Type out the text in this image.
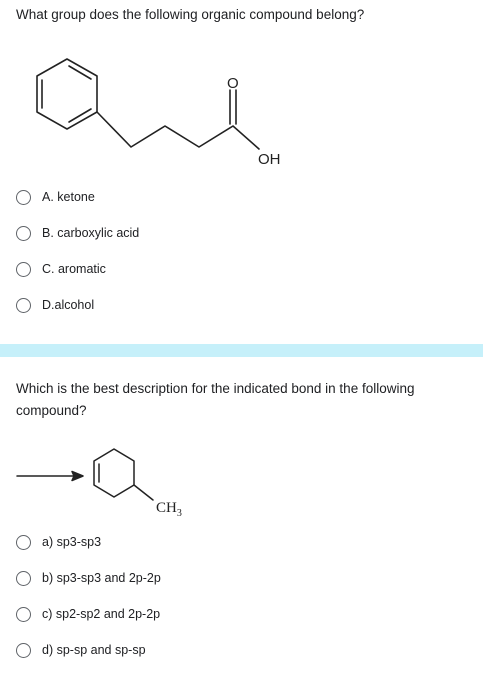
What group does the following organic compound belong?
O
OH
A. ketone
B. carboxylic acid
C. aromatic
D.alcohol
Which is the best description for the indicated bond in the following compound?
$CH_3$
a) sp3-sp3
b) sp3-sp3 and 2p-2p
c) sp2-sp2 and 2p-2p
d) sp-sp and sp-sp
